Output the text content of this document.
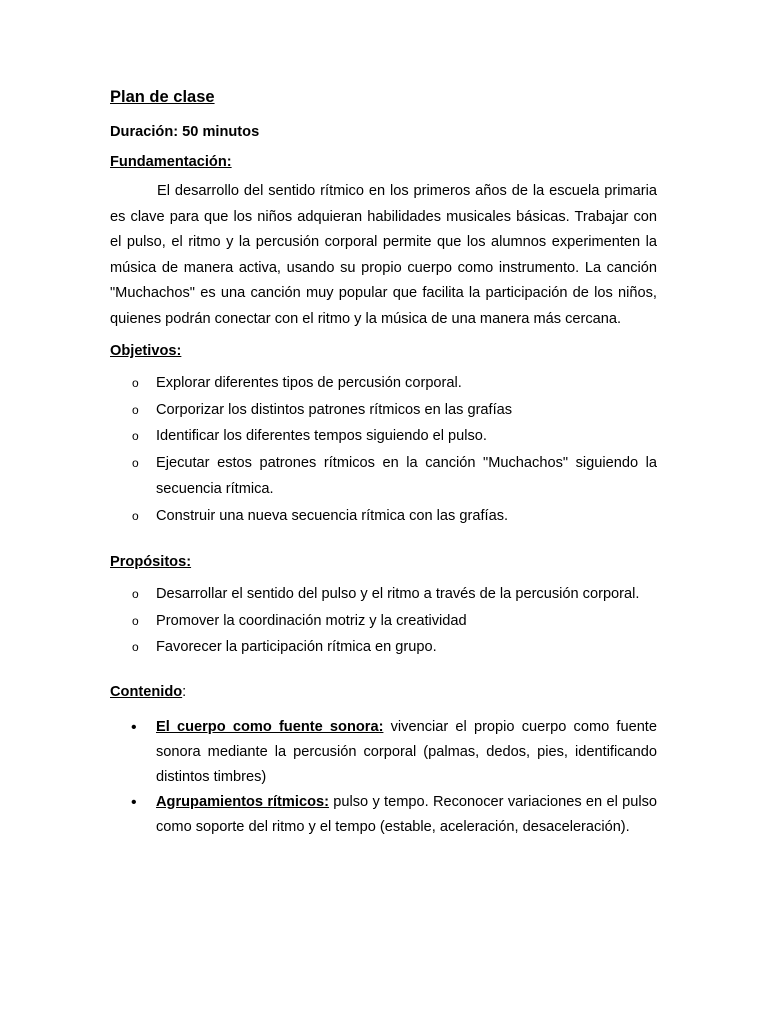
Plan de clase
Duración: 50 minutos
Fundamentación:

El desarrollo del sentido rítmico en los primeros años de la escuela primaria es clave para que los niños adquieran habilidades musicales básicas. Trabajar con el pulso, el ritmo y la percusión corporal permite que los alumnos experimenten la música de manera activa, usando su propio cuerpo como instrumento. La canción "Muchachos" es una canción muy popular que facilita la participación de los niños, quienes podrán conectar con el ritmo y la música de una manera más cercana.

Objetivos:
o Explorar diferentes tipos de percusión corporal.
o Corporizar los distintos patrones rítmicos en las grafías
o Identificar los diferentes tempos siguiendo el pulso.
o Ejecutar estos patrones rítmicos en la canción "Muchachos" siguiendo la secuencia rítmica.
o Construir una nueva secuencia rítmica con las grafías.
Propósitos:
o Desarrollar el sentido del pulso y el ritmo a través de la percusión corporal.
o Promover la coordinación motriz y la creatividad
o Favorecer la participación rítmica en grupo.
Contenido:
• El cuerpo como fuente sonora: vivenciar el propio cuerpo como fuente sonora mediante la percusión corporal (palmas, dedos, pies, identificando distintos timbres)
• Agrupamientos rítmicos: pulso y tempo. Reconocer variaciones en el pulso como soporte del ritmo y el tempo (estable, aceleración, desaceleración).
